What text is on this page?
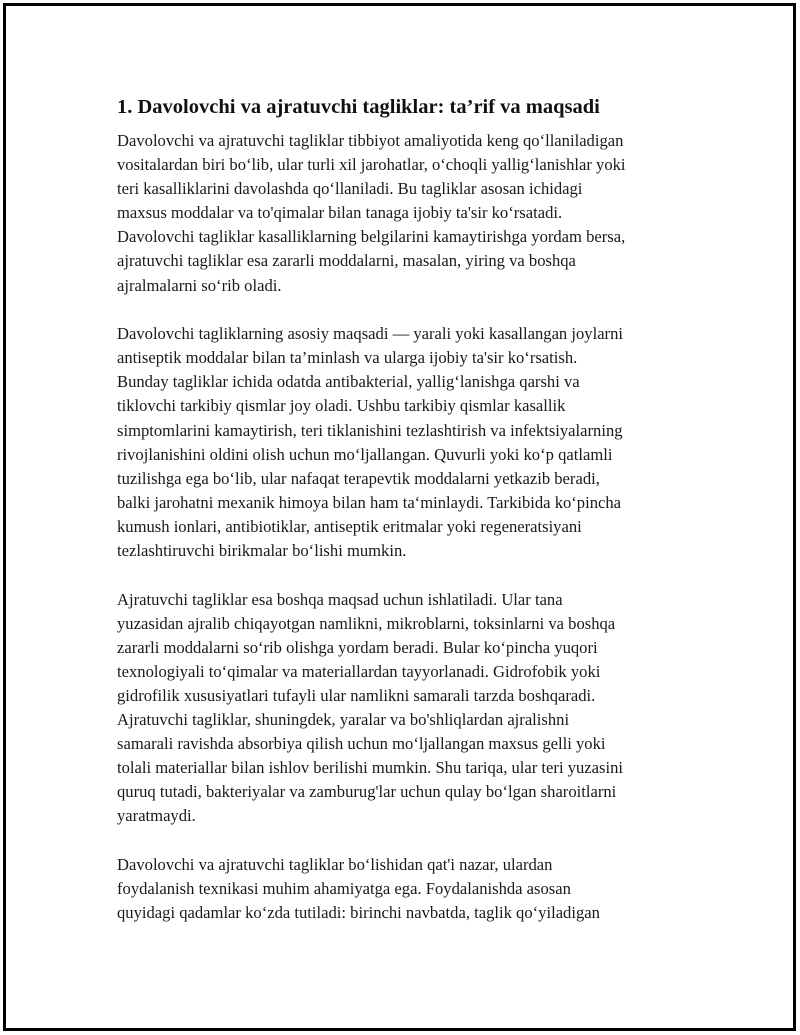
1. Davolovchi va ajratuvchi tagliklar: ta’rif va maqsadi
Davolovchi va ajratuvchi tagliklar tibbiyot amaliyotida keng qo‘llaniladigan
vositalardan biri bo‘lib, ular turli xil jarohatlar, o‘choqli yallig‘lanishlar yoki
teri kasalliklarini davolashda qo‘llaniladi. Bu tagliklar asosan ichidagi
maxsus moddalar va to'qimalar bilan tanaga ijobiy ta'sir ko‘rsatadi.
Davolovchi tagliklar kasalliklarning belgilarini kamaytirishga yordam bersa,
ajratuvchi tagliklar esa zararli moddalarni, masalan, yiring va boshqa
ajralmalarni so‘rib oladi.
Davolovchi tagliklarning asosiy maqsadi — yarali yoki kasallangan joylarni
antiseptik moddalar bilan ta’minlash va ularga ijobiy ta'sir ko‘rsatish.
Bunday tagliklar ichida odatda antibakterial, yallig‘lanishga qarshi va
tiklovchi tarkibiy qismlar joy oladi. Ushbu tarkibiy qismlar kasallik
simptomlarini kamaytirish, teri tiklanishini tezlashtirish va infektsiyalarning
rivojlanishini oldini olish uchun mo‘ljallangan. Quvurli yoki ko‘p qatlamli
tuzilishga ega bo‘lib, ular nafaqat terapevtik moddalarni yetkazib beradi,
balki jarohatni mexanik himoya bilan ham ta‘minlaydi. Tarkibida ko‘pincha
kumush ionlari, antibiotiklar, antiseptik eritmalar yoki regeneratsiyani
tezlashtiruvchi birikmalar bo‘lishi mumkin.
Ajratuvchi tagliklar esa boshqa maqsad uchun ishlatiladi. Ular tana
yuzasidan ajralib chiqayotgan namlikni, mikroblarni, toksinlarni va boshqa
zararli moddalarni so‘rib olishga yordam beradi. Bular ko‘pincha yuqori
texnologiyali to‘qimalar va materiallardan tayyorlanadi. Gidrofobik yoki
gidrofilik xususiyatlari tufayli ular namlikni samarali tarzda boshqaradi.
Ajratuvchi tagliklar, shuningdek, yaralar va bo'shliqlardan ajralishni
samarali ravishda absorbiya qilish uchun mo‘ljallangan maxsus gelli yoki
tolali materiallar bilan ishlov berilishi mumkin. Shu tariqa, ular teri yuzasini
quruq tutadi, bakteriyalar va zamburug'lar uchun qulay bo‘lgan sharoitlarni
yaratmaydi.
Davolovchi va ajratuvchi tagliklar bo‘lishidan qat'i nazar, ulardan
foydalanish texnikasi muhim ahamiyatga ega. Foydalanishda asosan
quyidagi qadamlar ko‘zda tutiladi: birinchi navbatda, taglik qo‘yiladigan
